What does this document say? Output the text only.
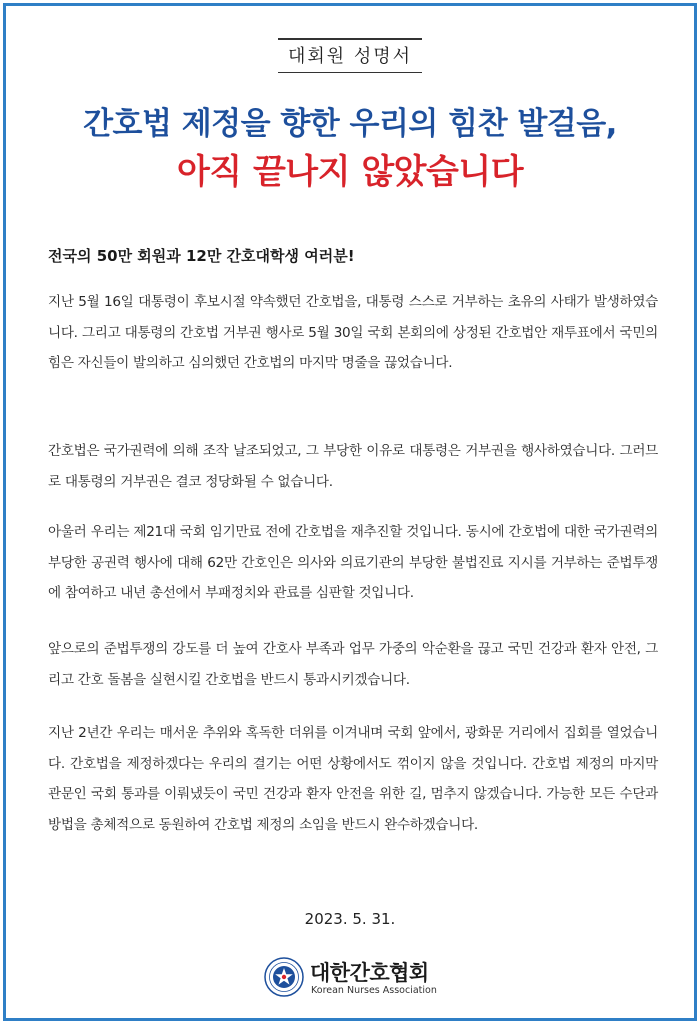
대회원 성명서
간호법 제정을 향한 우리의 힘찬 발걸음,
아직 끝나지 않았습니다
전국의 50만 회원과 12만 간호대학생 여러분!

지난 5월 16일 대통령이 후보시절 약속했던 간호법을, 대통령 스스로 거부하는 초유의 사태가 발생하였습니다. 그리고 대통령의 간호법 거부권 행사로 5월 30일 국회 본회의에 상정된 간호법안 재투표에서 국민의힘은 자신들이 발의하고 심의했던 간호법의 마지막 명줄을 끊었습니다.

간호법은 국가권력에 의해 조작 날조되었고, 그 부당한 이유로 대통령은 거부권을 행사하였습니다. 그러므로 대통령의 거부권은 결코 정당화될 수 없습니다.

아울러 우리는 제21대 국회 임기만료 전에 간호법을 재추진할 것입니다. 동시에 간호법에 대한 국가권력의 부당한 공권력 행사에 대해 62만 간호인은 의사와 의료기관의 부당한 불법진료 지시를 거부하는 준법투쟁에 참여하고 내년 총선에서 부패정치와 관료를 심판할 것입니다.

앞으로의 준법투쟁의 강도를 더 높여 간호사 부족과 업무 가중의 악순환을 끊고 국민 건강과 환자 안전, 그리고 간호 돌봄을 실현시킬 간호법을 반드시 통과시키겠습니다.

지난 2년간 우리는 매서운 추위와 혹독한 더위를 이겨내며 국회 앞에서, 광화문 거리에서 집회를 열었습니다. 간호법을 제정하겠다는 우리의 결기는 어떤 상황에서도 꺾이지 않을 것입니다. 간호법 제정의 마지막 관문인 국회 통과를 이뤄냈듯이 국민 건강과 환자 안전을 위한 길, 멈추지 않겠습니다. 가능한 모든 수단과 방법을 총체적으로 동원하여 간호법 제정의 소임을 반드시 완수하겠습니다.

2023. 5. 31.
대한간호협회
Korean Nurses Association
